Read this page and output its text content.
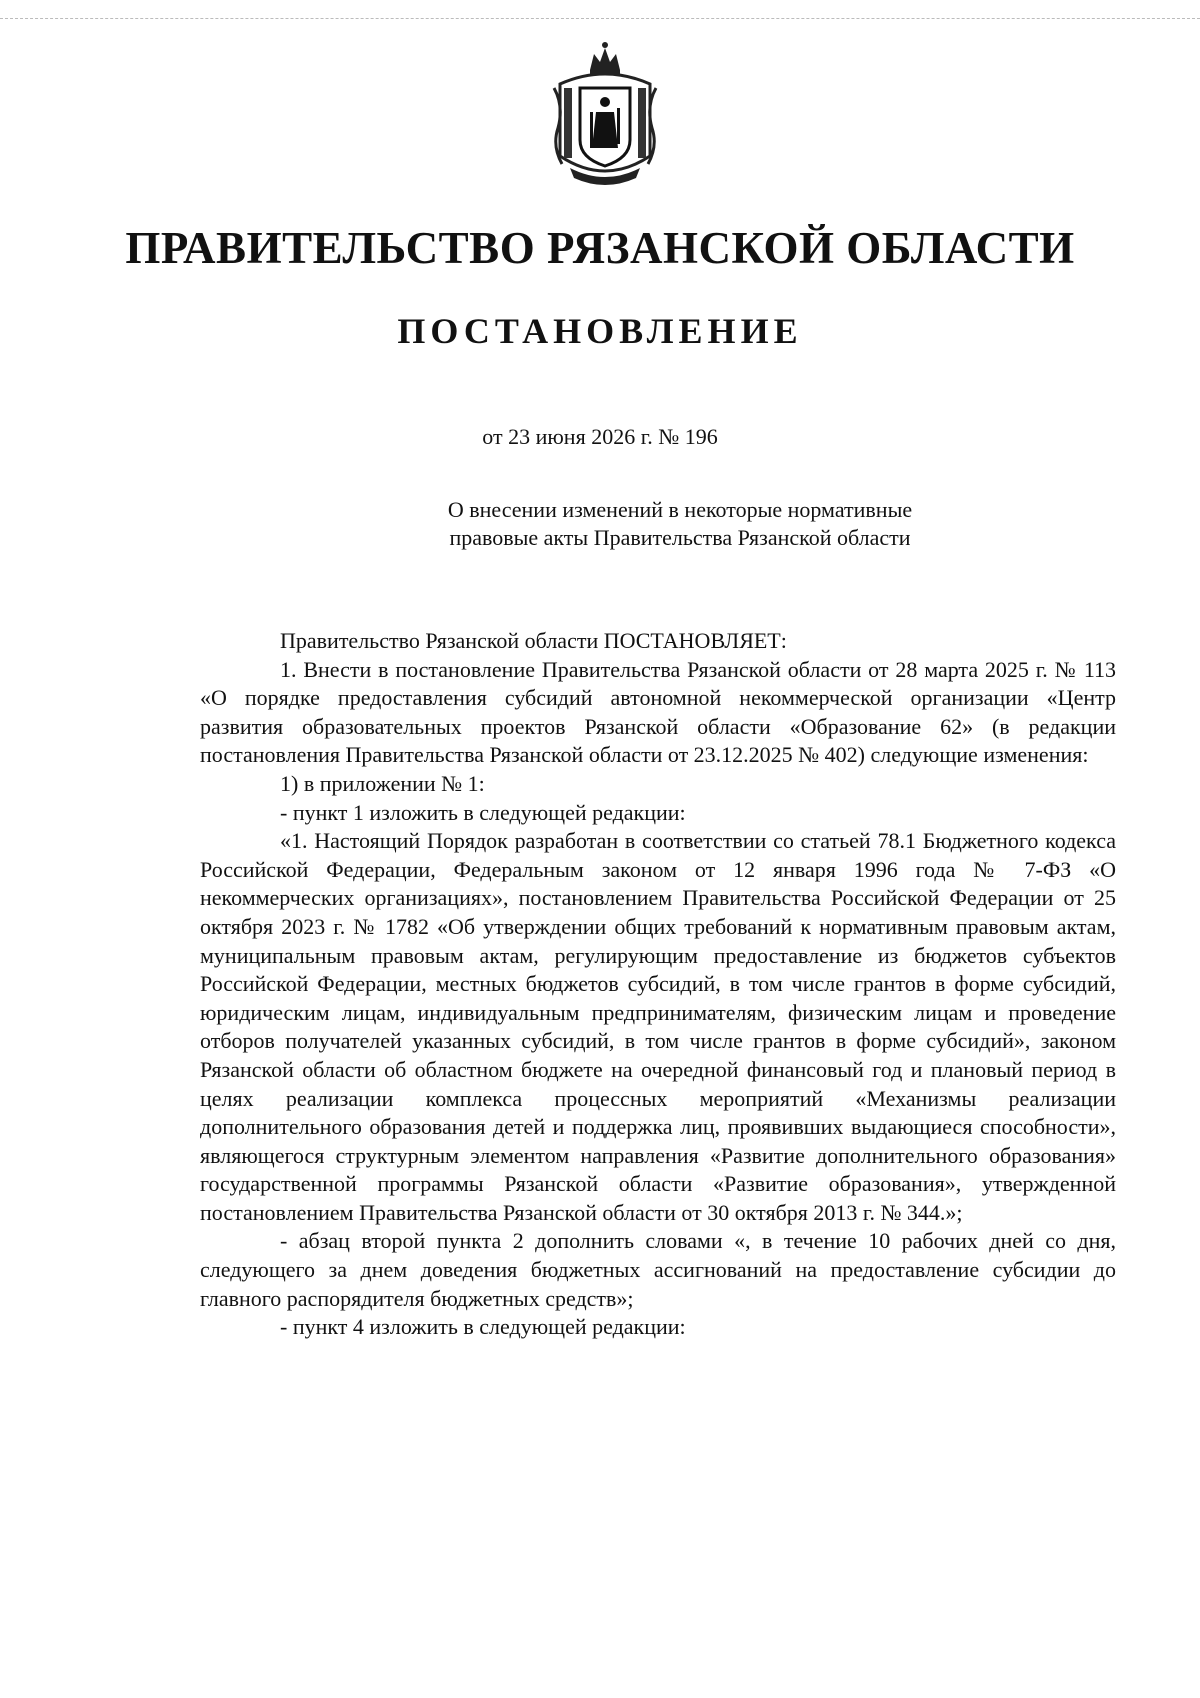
ПРАВИТЕЛЬСТВО РЯЗАНСКОЙ ОБЛАСТИ
ПОСТАНОВЛЕНИЕ
от 23 июня 2026 г. № 196
О внесении изменений в некоторые нормативные
правовые акты Правительства Рязанской области

Правительство Рязанской области ПОСТАНОВЛЯЕТ:

1. Внести в постановление Правительства Рязанской области от 28 марта 2025 г. № 113 «О порядке предоставления субсидий автономной некоммерческой организации «Центр развития образовательных проектов Рязанской области «Образование 62» (в редакции постановления Правительства Рязанской области от 23.12.2025 № 402) следующие изменения:

1) в приложении № 1:

- пункт 1 изложить в следующей редакции:

«1. Настоящий Порядок разработан в соответствии со статьей 78.1 Бюджетного кодекса Российской Федерации, Федеральным законом от 12 января 1996 года № 7-ФЗ «О некоммерческих организациях», постановлением Правительства Российской Федерации от 25 октября 2023 г. № 1782 «Об утверждении общих требований к нормативным правовым актам, муниципальным правовым актам, регулирующим предоставление из бюджетов субъектов Российской Федерации, местных бюджетов субсидий, в том числе грантов в форме субсидий, юридическим лицам, индивидуальным предпринимателям, физическим лицам и проведение отборов получателей указанных субсидий, в том числе грантов в форме субсидий», законом Рязанской области об областном бюджете на очередной финансовый год и плановый период в целях реализации комплекса процессных мероприятий «Механизмы реализации дополнительного образования детей и поддержка лиц, проявивших выдающиеся способности», являющегося структурным элементом направления «Развитие дополнительного образования» государственной программы Рязанской области «Развитие образования», утвержденной постановлением Правительства Рязанской области от 30 октября 2013 г. № 344.»;

- абзац второй пункта 2 дополнить словами «, в течение 10 рабочих дней со дня, следующего за днем доведения бюджетных ассигнований на предоставление субсидии до главного распорядителя бюджетных средств»;

- пункт 4 изложить в следующей редакции:
